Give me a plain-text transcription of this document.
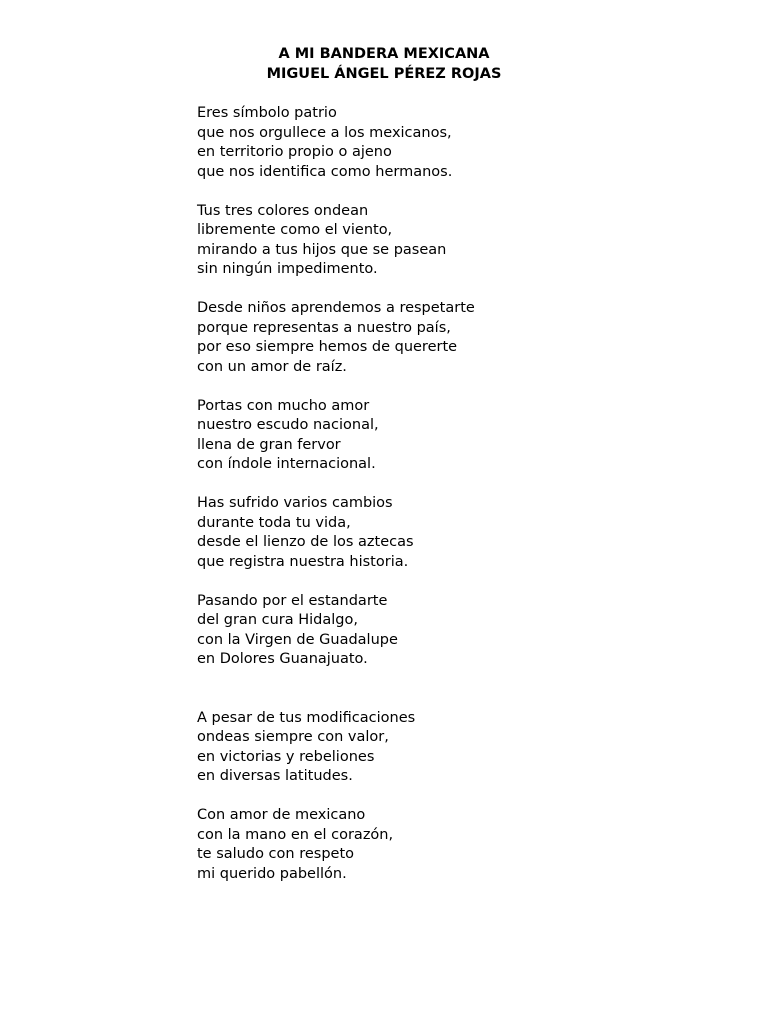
A MI BANDERA MEXICANA
MIGUEL ÁNGEL PÉREZ ROJAS
Eres símbolo patrio
que nos orgullece a los mexicanos,
en territorio propio o ajeno
que nos identifica como hermanos.
Tus tres colores ondean
libremente como el viento,
mirando a tus hijos que se pasean
sin ningún impedimento.
Desde niños aprendemos a respetarte
porque representas a nuestro país,
por eso siempre hemos de quererte
con un amor de raíz.
Portas con mucho amor
nuestro escudo nacional,
llena de gran fervor
con índole internacional.
Has sufrido varios cambios
durante toda tu vida,
desde el lienzo de los aztecas
que registra nuestra historia.
Pasando por el estandarte
del gran cura Hidalgo,
con la Virgen de Guadalupe
en Dolores Guanajuato.
A pesar de tus modificaciones
ondeas siempre con valor,
en victorias y rebeliones
en diversas latitudes.
Con amor de mexicano
con la mano en el corazón,
te saludo con respeto
mi querido pabellón.
